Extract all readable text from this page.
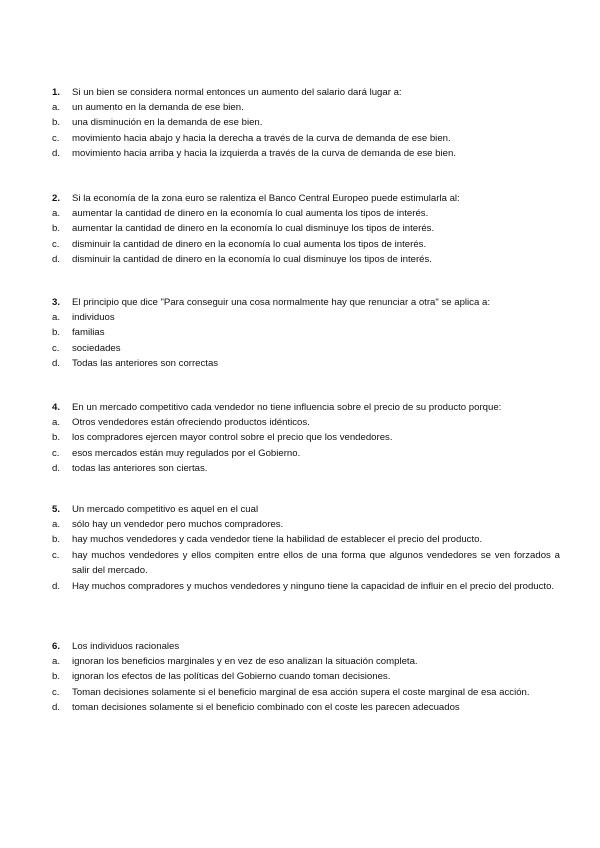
1. Si un bien se considera normal entonces un aumento del salario dará lugar a:
a. un aumento en la demanda de ese bien.
b. una disminución en la demanda de ese bien.
c. movimiento hacia abajo y hacia la derecha a través de la curva de demanda de ese bien.
d. movimiento hacia arriba y hacia la izquierda a través de la curva de demanda de ese bien.
2. Si la economía de la zona euro se ralentiza el Banco Central Europeo puede estimularla al:
a. aumentar la cantidad de dinero en la economía lo cual aumenta los tipos de interés.
b. aumentar la cantidad de dinero en la economía lo cual disminuye los tipos de interés.
c. disminuir la cantidad de dinero en la economía lo cual aumenta los tipos de interés.
d. disminuir la cantidad de dinero en la economía lo cual disminuye los tipos de interés.
3. El principio que dice "Para conseguir una cosa normalmente hay que renunciar a otra" se aplica a:
a. individuos
b. familias
c. sociedades
d. Todas las anteriores son correctas
4. En un mercado competitivo cada vendedor no tiene influencia sobre el precio de su producto porque:
a. Otros vendedores están ofreciendo productos idénticos.
b. los compradores ejercen mayor control sobre el precio que los vendedores.
c. esos mercados están muy regulados por el Gobierno.
d. todas las anteriores son ciertas.
5. Un mercado competitivo es aquel en el cual
a. sólo hay un vendedor pero muchos compradores.
b. hay muchos vendedores y cada vendedor tiene la habilidad de establecer el precio del producto.
c. hay muchos vendedores y ellos compiten entre ellos de una forma que algunos vendedores se ven forzados a salir del mercado.
d. Hay muchos compradores y muchos vendedores y ninguno tiene la capacidad de influir en el precio del producto.
6. Los individuos racionales
a. ignoran los beneficios marginales y en vez de eso analizan la situación completa.
b. ignoran los efectos de las políticas del Gobierno cuando toman decisiones.
c. Toman decisiones solamente si el beneficio marginal de esa acción supera el coste marginal de esa acción.
d. toman decisiones solamente si el beneficio combinado con el coste les parecen adecuados
